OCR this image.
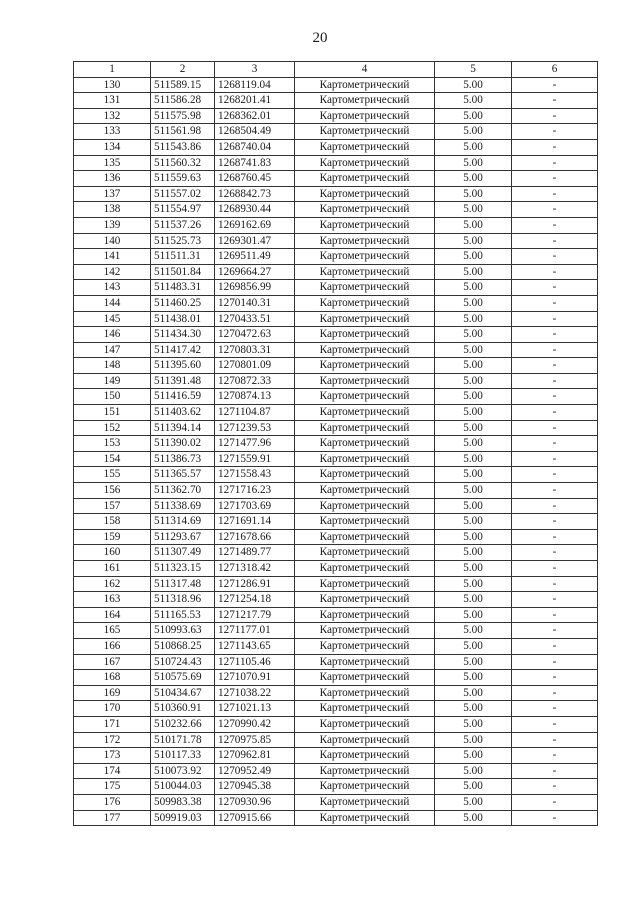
20
1	2	3	4	5	6
130	511589.15	1268119.04	Картометрический	5.00	-
131	511586.28	1268201.41	Картометрический	5.00	-
132	511575.98	1268362.01	Картометрический	5.00	-
133	511561.98	1268504.49	Картометрический	5.00	-
134	511543.86	1268740.04	Картометрический	5.00	-
135	511560.32	1268741.83	Картометрический	5.00	-
136	511559.63	1268760.45	Картометрический	5.00	-
137	511557.02	1268842.73	Картометрический	5.00	-
138	511554.97	1268930.44	Картометрический	5.00	-
139	511537.26	1269162.69	Картометрический	5.00	-
140	511525.73	1269301.47	Картометрический	5.00	-
141	511511.31	1269511.49	Картометрический	5.00	-
142	511501.84	1269664.27	Картометрический	5.00	-
143	511483.31	1269856.99	Картометрический	5.00	-
144	511460.25	1270140.31	Картометрический	5.00	-
145	511438.01	1270433.51	Картометрический	5.00	-
146	511434.30	1270472.63	Картометрический	5.00	-
147	511417.42	1270803.31	Картометрический	5.00	-
148	511395.60	1270801.09	Картометрический	5.00	-
149	511391.48	1270872.33	Картометрический	5.00	-
150	511416.59	1270874.13	Картометрический	5.00	-
151	511403.62	1271104.87	Картометрический	5.00	-
152	511394.14	1271239.53	Картометрический	5.00	-
153	511390.02	1271477.96	Картометрический	5.00	-
154	511386.73	1271559.91	Картометрический	5.00	-
155	511365.57	1271558.43	Картометрический	5.00	-
156	511362.70	1271716.23	Картометрический	5.00	-
157	511338.69	1271703.69	Картометрический	5.00	-
158	511314.69	1271691.14	Картометрический	5.00	-
159	511293.67	1271678.66	Картометрический	5.00	-
160	511307.49	1271489.77	Картометрический	5.00	-
161	511323.15	1271318.42	Картометрический	5.00	-
162	511317.48	1271286.91	Картометрический	5.00	-
163	511318.96	1271254.18	Картометрический	5.00	-
164	511165.53	1271217.79	Картометрический	5.00	-
165	510993.63	1271177.01	Картометрический	5.00	-
166	510868.25	1271143.65	Картометрический	5.00	-
167	510724.43	1271105.46	Картометрический	5.00	-
168	510575.69	1271070.91	Картометрический	5.00	-
169	510434.67	1271038.22	Картометрический	5.00	-
170	510360.91	1271021.13	Картометрический	5.00	-
171	510232.66	1270990.42	Картометрический	5.00	-
172	510171.78	1270975.85	Картометрический	5.00	-
173	510117.33	1270962.81	Картометрический	5.00	-
174	510073.92	1270952.49	Картометрический	5.00	-
175	510044.03	1270945.38	Картометрический	5.00	-
176	509983.38	1270930.96	Картометрический	5.00	-
177	509919.03	1270915.66	Картометрический	5.00	-
